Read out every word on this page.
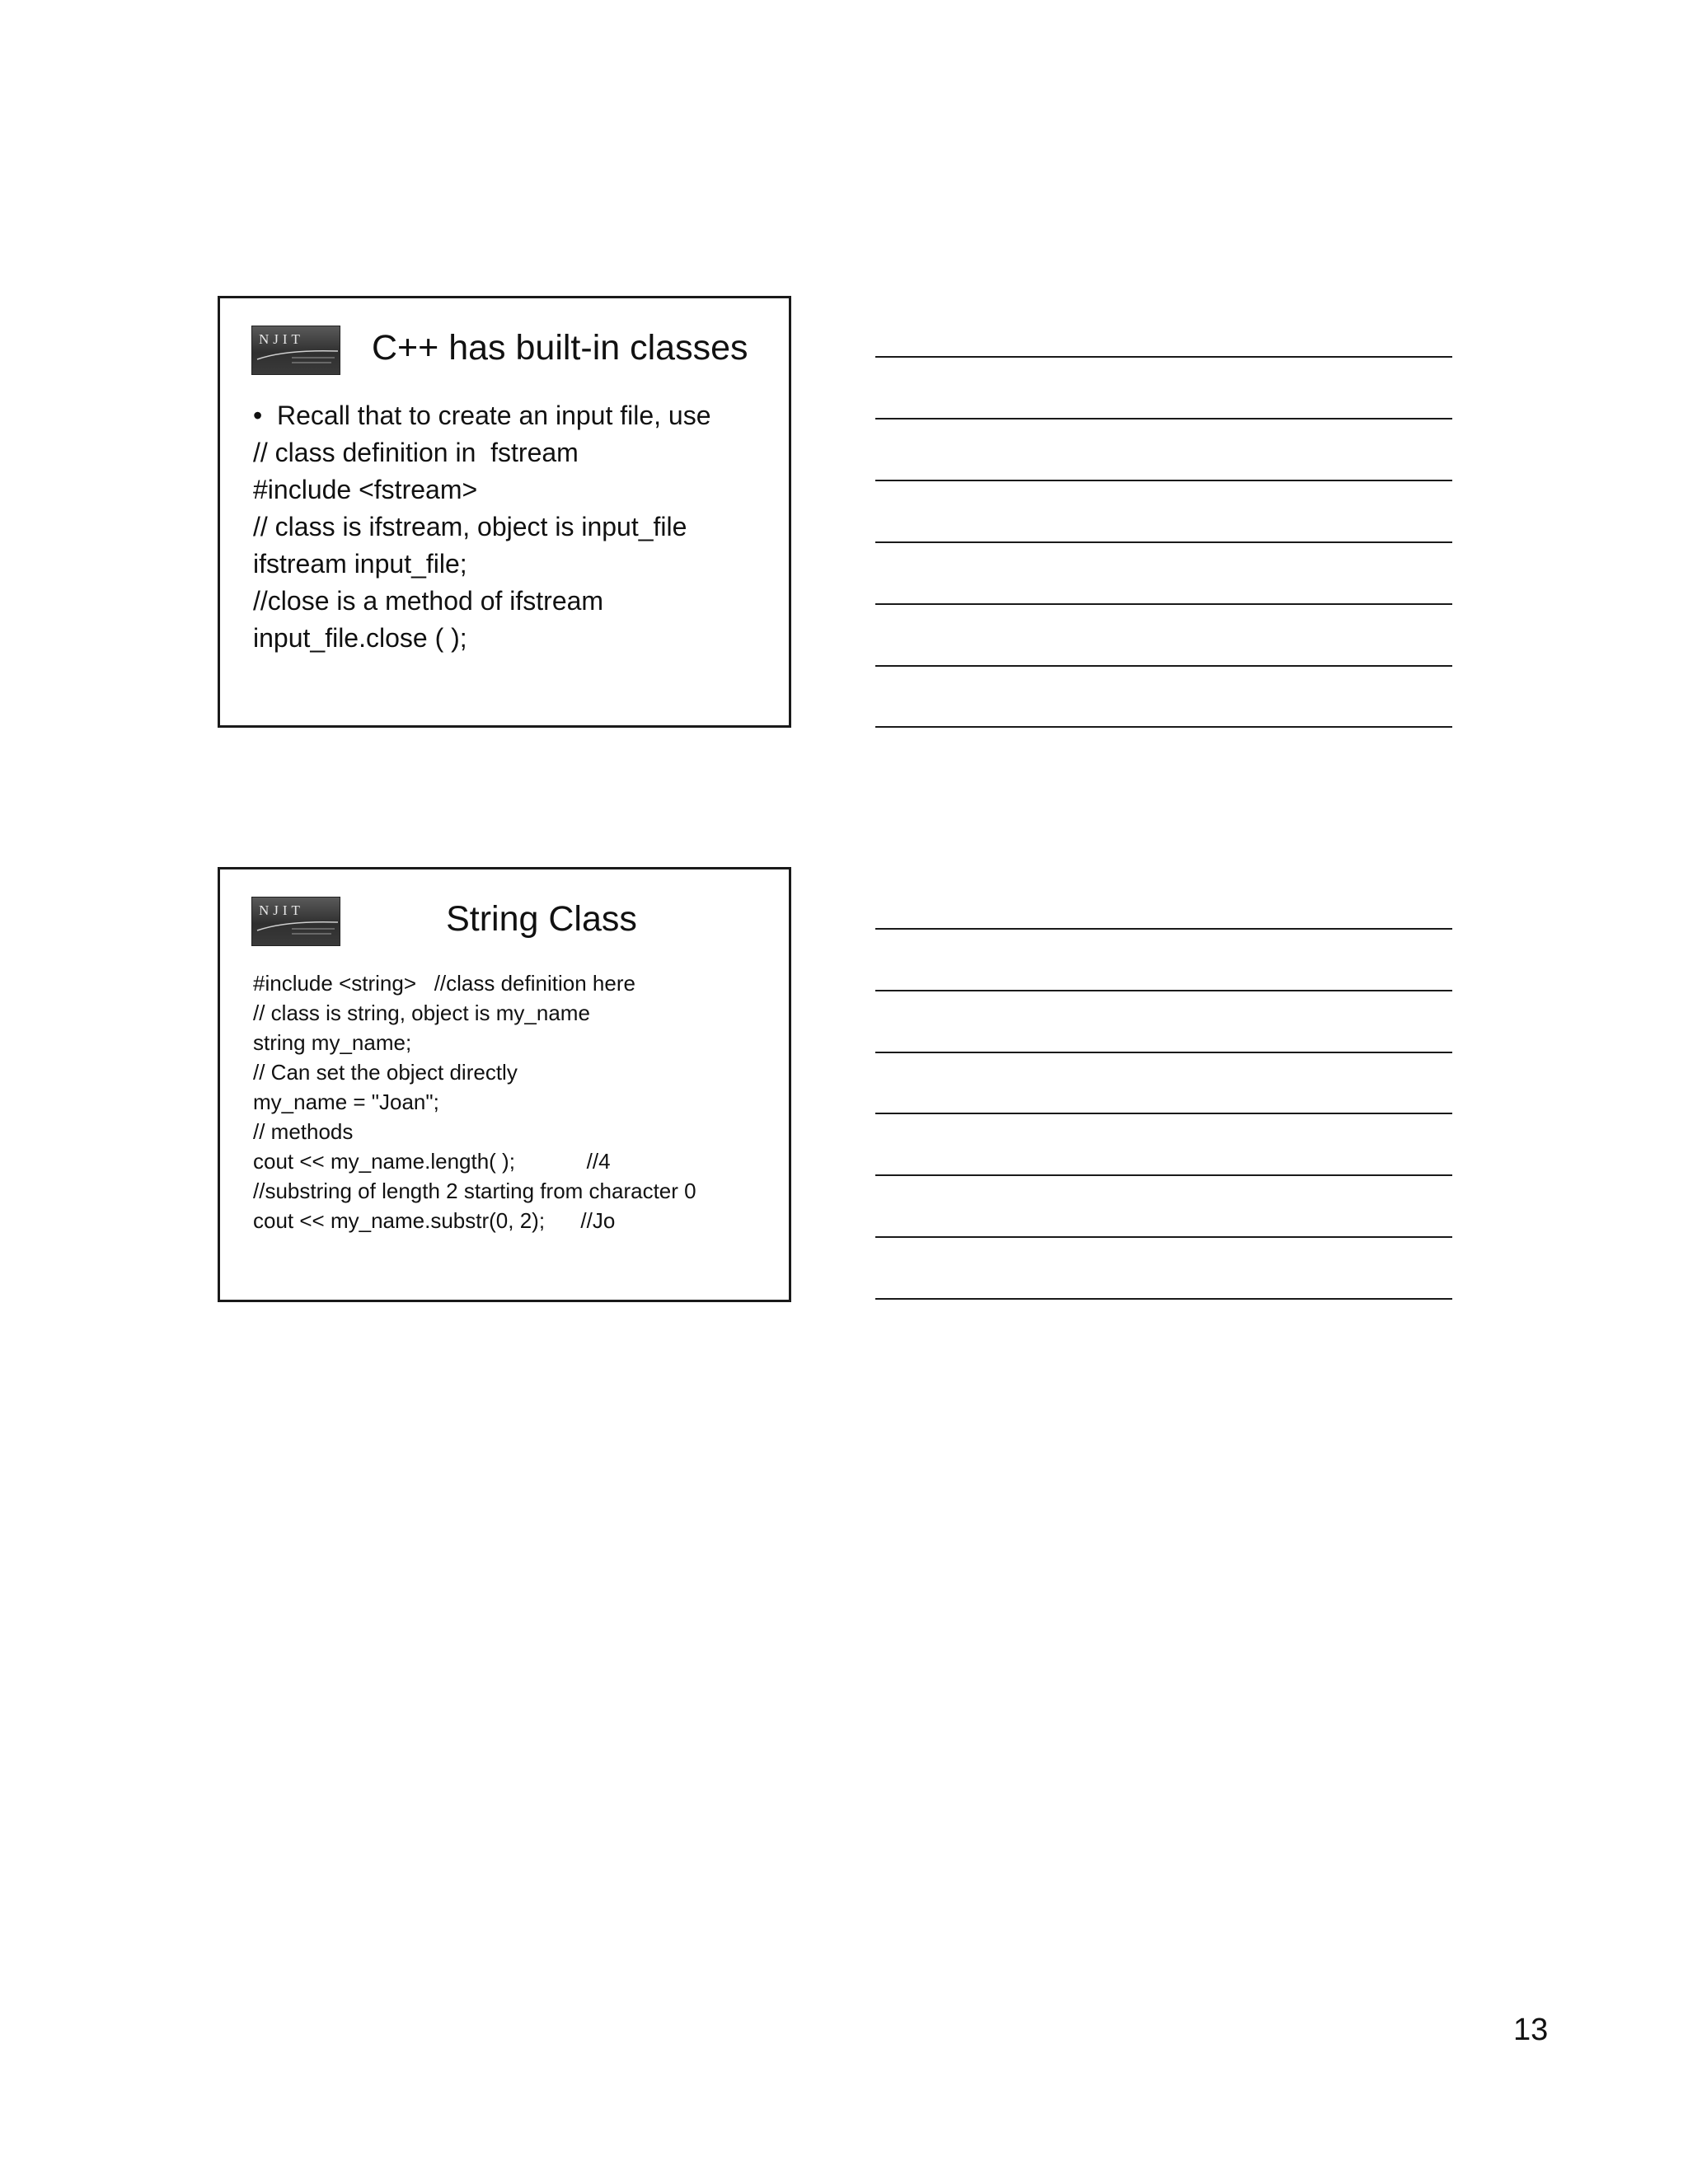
NJIT C++ has built-in classes
•  Recall that to create an input file, use
// class definition in  fstream
#include <fstream>
// class is ifstream, object is input_file
ifstream input_file;
//close is a method of ifstream
input_file.close ( );
NJIT	String Class
#include <string>   //class definition here
// class is string, object is my_name
string my_name;
// Can set the object directly
my_name = "Joan";
// methods
cout << my_name.length( );            //4
//substring of length 2 starting from character 0
cout << my_name.substr(0, 2);      //Jo
13
